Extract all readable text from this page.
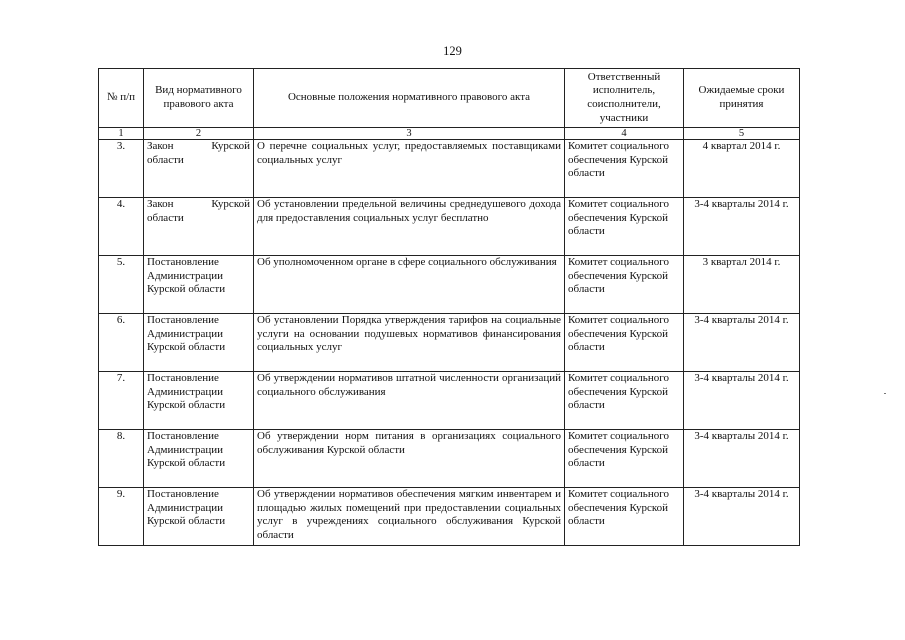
129
№ п/п	Вид нормативного правового акта	Основные положения нормативного правового акта	Ответственный исполнитель, соисполнители, участники	Ожидаемые сроки принятия
1	2	3	4	5
3.	Закон Курской области	О перечне социальных услуг, предоставляемых поставщиками социальных услуг	Комитет социального обеспечения Курской области	4 квартал 2014 г.
4.	Закон Курской области	Об установлении предельной величины среднедушевого дохода для предоставления социальных услуг бесплатно	Комитет социального обеспечения Курской области	3-4 кварталы 2014 г.
5.	Постановление Администрации Курской области	Об уполномоченном органе в сфере социального обслуживания	Комитет социального обеспечения Курской области	3 квартал 2014 г.
6.	Постановление Администрации Курской области	Об установлении Порядка утверждения тарифов на социальные услуги на основании подушевых нормативов финансирования социальных услуг	Комитет социального обеспечения Курской области	3-4 кварталы 2014 г.
7.	Постановление Администрации Курской области	Об утверждении нормативов штатной численности организаций социального обслуживания	Комитет социального обеспечения Курской области	3-4 кварталы 2014 г.
8.	Постановление Администрации Курской области	Об утверждении норм питания в организациях социального обслуживания Курской области	Комитет социального обеспечения Курской области	3-4 кварталы 2014 г.
9.	Постановление Администрации Курской области	Об утверждении нормативов обеспечения мягким инвентарем и площадью жилых помещений при предоставлении социальных услуг в учреждениях социального обслуживания Курской области	Комитет социального обеспечения Курской области	3-4 кварталы 2014 г.
